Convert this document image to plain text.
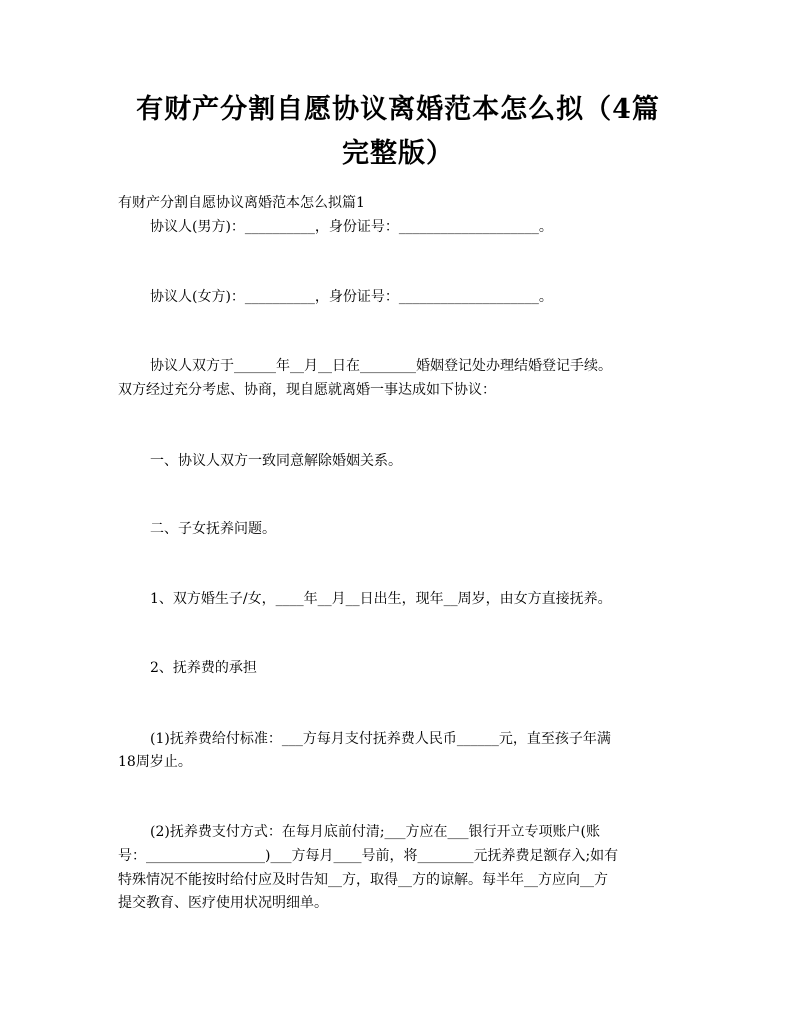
有财产分割自愿协议离婚范本怎么拟（4篇
完整版）

有财产分割自愿协议离婚范本怎么拟篇1

协议人(男方)：__________，身份证号：____________________。

协议人(女方)：__________，身份证号：____________________。

协议人双方于______年__月__日在________婚姻登记处办理结婚登记手续。

双方经过充分考虑、协商，现自愿就离婚一事达成如下协议：

一、协议人双方一致同意解除婚姻关系。

二、子女抚养问题。

1、双方婚生子/女，____年__月__日出生，现年__周岁，由女方直接抚养。

2、抚养费的承担

(1)抚养费给付标准：___方每月支付抚养费人民币______元，直至孩子年满

18周岁止。

(2)抚养费支付方式：在每月底前付清;___方应在___银行开立专项账户(账

号：_________________)___方每月____号前，将________元抚养费足额存入;如有

特殊情况不能按时给付应及时告知__方，取得__方的谅解。每半年__方应向__方

提交教育、医疗使用状况明细单。
